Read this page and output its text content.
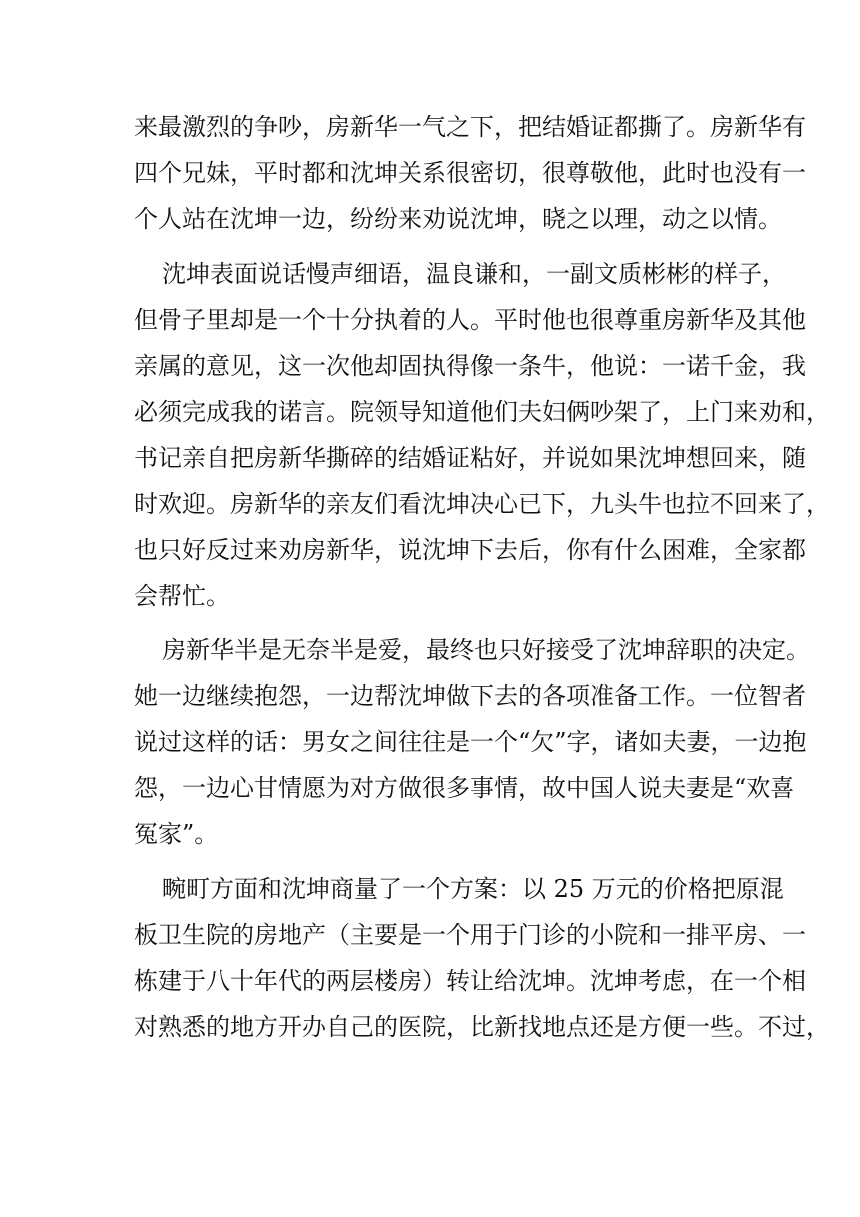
来最激烈的争吵，房新华一气之下，把结婚证都撕了。房新华有
四个兄妹，平时都和沈坤关系很密切，很尊敬他，此时也没有一
个人站在沈坤一边，纷纷来劝说沈坤，晓之以理，动之以情。
沈坤表面说话慢声细语，温良谦和，一副文质彬彬的样子，
但骨子里却是一个十分执着的人。平时他也很尊重房新华及其他
亲属的意见，这一次他却固执得像一条牛，他说：一诺千金，我
必须完成我的诺言。院领导知道他们夫妇俩吵架了，上门来劝和，
书记亲自把房新华撕碎的结婚证粘好，并说如果沈坤想回来，随
时欢迎。房新华的亲友们看沈坤决心已下，九头牛也拉不回来了，
也只好反过来劝房新华，说沈坤下去后，你有什么困难，全家都
会帮忙。
房新华半是无奈半是爱，最终也只好接受了沈坤辞职的决定。
她一边继续抱怨，一边帮沈坤做下去的各项准备工作。一位智者
说过这样的话：男女之间往往是一个“欠”字，诸如夫妻，一边抱
怨，一边心甘情愿为对方做很多事情，故中国人说夫妻是“欢喜
冤家”。
畹町方面和沈坤商量了一个方案：以 25 万元的价格把原混
板卫生院的房地产（主要是一个用于门诊的小院和一排平房、一
栋建于八十年代的两层楼房）转让给沈坤。沈坤考虑，在一个相
对熟悉的地方开办自己的医院，比新找地点还是方便一些。不过，
